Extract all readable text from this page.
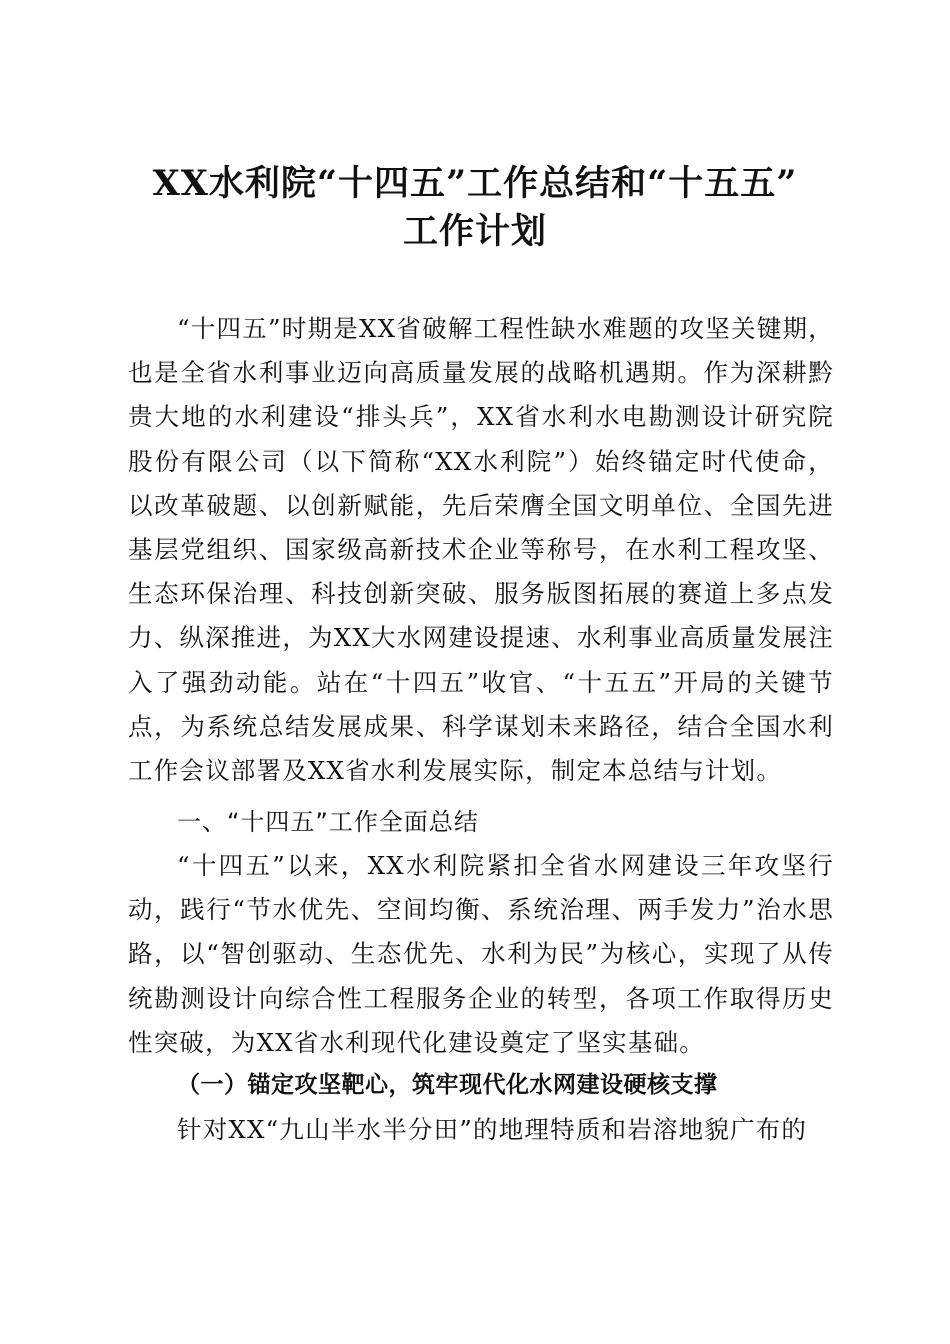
XX水利院“十四五”工作总结和“十五五”
工作计划

“十四五”时期是XX省破解工程性缺水难题的攻坚关键期，也是全省水利事业迈向高质量发展的战略机遇期。作为深耕黔贵大地的水利建设“排头兵”，XX省水利水电勘测设计研究院股份有限公司（以下简称“XX水利院”）始终锚定时代使命，以改革破题、以创新赋能，先后荣膺全国文明单位、全国先进基层党组织、国家级高新技术企业等称号，在水利工程攻坚、生态环保治理、科技创新突破、服务版图拓展的赛道上多点发力、纵深推进，为XX大水网建设提速、水利事业高质量发展注入了强劲动能。站在“十四五”收官、“十五五”开局的关键节点，为系统总结发展成果、科学谋划未来路径，结合全国水利工作会议部署及XX省水利发展实际，制定本总结与计划。

一、“十四五”工作全面总结

“十四五”以来，XX水利院紧扣全省水网建设三年攻坚行动，践行“节水优先、空间均衡、系统治理、两手发力”治水思路，以“智创驱动、生态优先、水利为民”为核心，实现了从传统勘测设计向综合性工程服务企业的转型，各项工作取得历史性突破，为XX省水利现代化建设奠定了坚实基础。

（一）锚定攻坚靶心，筑牢现代化水网建设硬核支撑

针对XX“九山半水半分田”的地理特质和岩溶地貌广布的
